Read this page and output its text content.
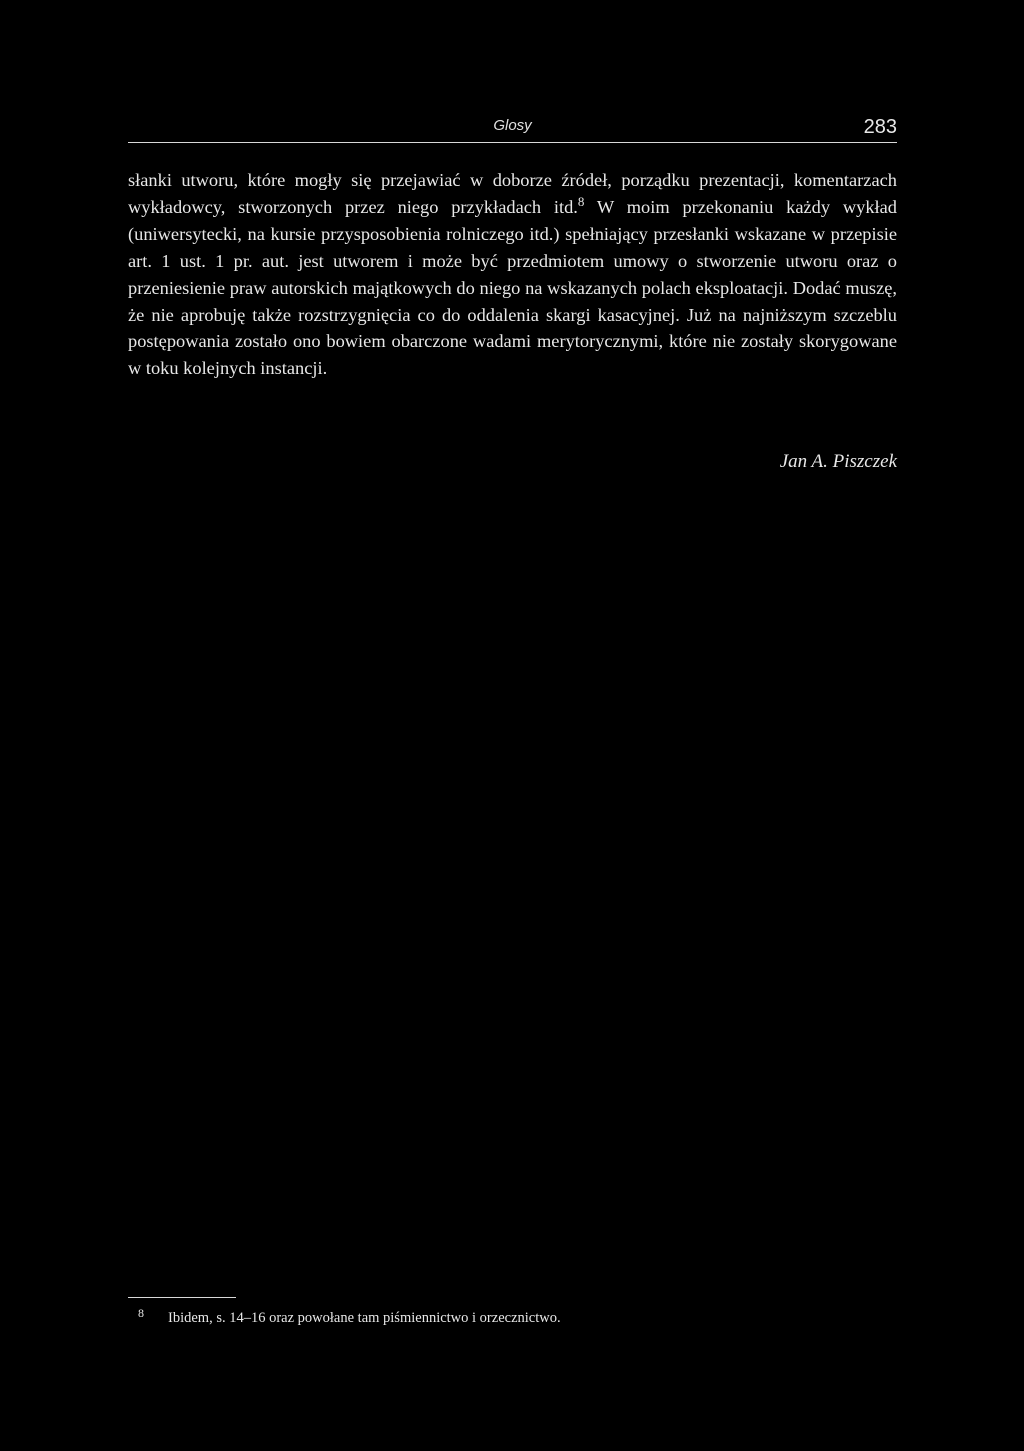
Glosy	283

słanki utworu, które mogły się przejawiać w doborze źródeł, porządku prezentacji, komentarzach wykładowcy, stworzonych przez niego przykładach itd.$^8$ W moim przekonaniu każdy wykład (uniwersytecki, na kursie przysposobienia rolniczego itd.) spełniający przesłanki wskazane w przepisie art. 1 ust. 1 pr. aut. jest utworem i może być przedmiotem umowy o stworzenie utworu oraz o przeniesienie praw autorskich majątkowych do niego na wskazanych polach eksploatacji. Dodać muszę, że nie aprobuję także rozstrzygnięcia co do oddalenia skargi kasacyjnej. Już na najniższym szczeblu postępowania zostało ono bowiem obarczone wadami merytorycznymi, które nie zostały skorygowane w toku kolejnych instancji.

Jan A. Piszczek
8 Ibidem, s. 14–16 oraz powołane tam piśmiennictwo i orzecznictwo.
